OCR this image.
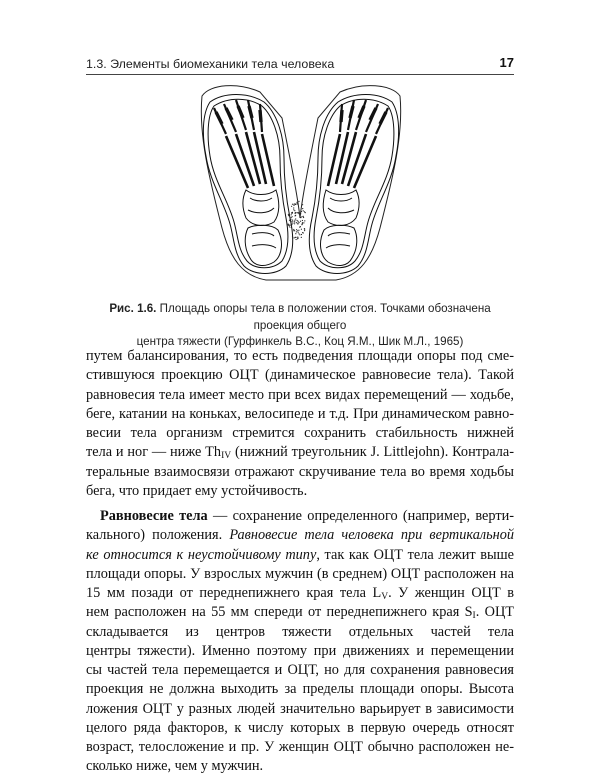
1.3. Элементы биомеханики тела человека	17
Рис. 1.6. Площадь опоры тела в положении стоя. Точками обозначена проекция общего
центра тяжести (Гурфинкель В.С., Коц Я.М., Шик М.Л., 1965)
путем балансирования, то есть подведения площади опоры под сме-
стившуюся проекцию ОЦТ (динамическое равновесие тела). Такой
равновесия тела имеет место при всех видах перемещений — ходьбе,
беге, катании на коньках, велосипеде и т.д. При динамическом равно-
весии тела организм стремится сохранить стабильность нижней
тела и ног — ниже $Th_{IV}$ (нижний треугольник J. Littlejohn). Контрала-
теральные взаимосвязи отражают скручивание тела во время ходьбы
бега, что придает ему устойчивость.
Равновесие тела — сохранение определенного (например, верти-
кального) положения. Равновесие тела человека при вертикальной
ке относится к неустойчивому типу, так как ОЦТ тела лежит выше
площади опоры. У взрослых мужчин (в среднем) ОЦТ расположен на
15 мм позади от переднепижнего края тела $L_V$. У женщин ОЦТ в
нем расположен на 55 мм спереди от переднепижнего края $S_I$. ОЦТ
складывается из центров тяжести отдельных частей тела
центры тяжести). Именно поэтому при движениях и перемещении
сы частей тела перемещается и ОЦТ, но для сохранения равновесия
проекция не должна выходить за пределы площади опоры. Высота
ложения ОЦТ у разных людей значительно варьирует в зависимости
целого ряда факторов, к числу которых в первую очередь относят
возраст, телосложение и пр. У женщин ОЦТ обычно расположен не-
сколько ниже, чем у мужчин.
